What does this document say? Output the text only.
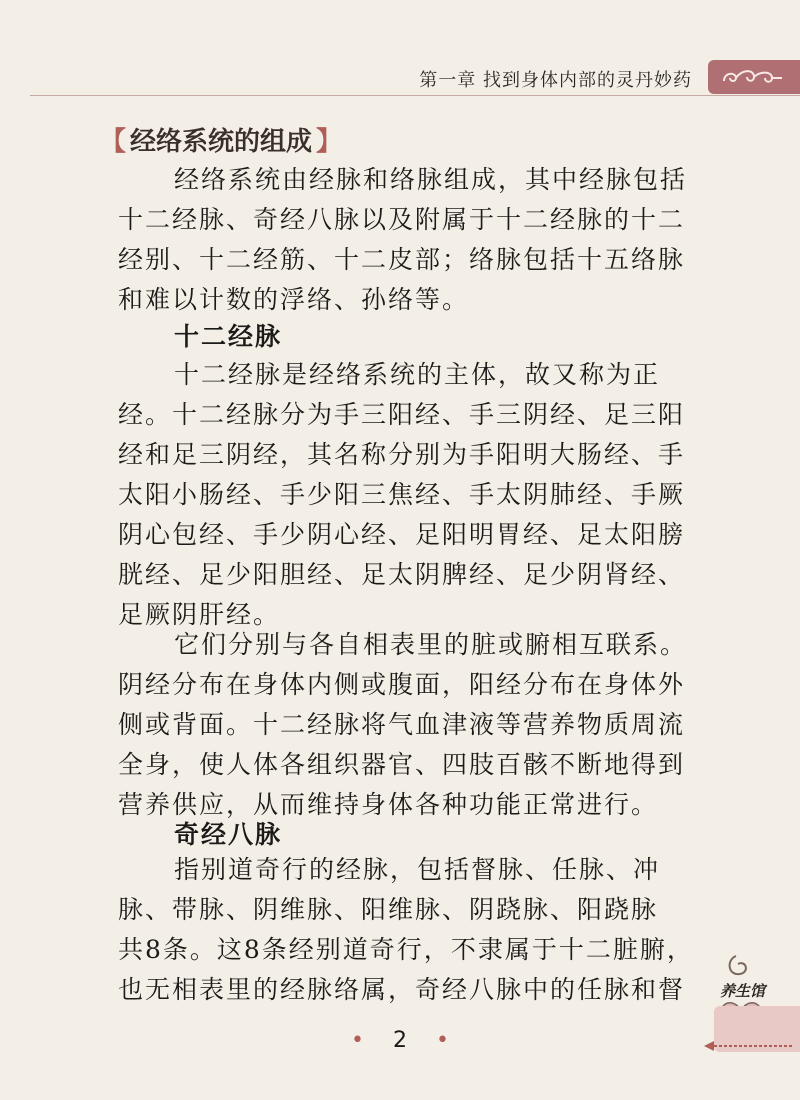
第一章 找到身体内部的灵丹妙药
【 经络系统的组成 】
经络系统由经脉和络脉组成，其中经脉包括
十二经脉、奇经八脉以及附属于十二经脉的十二
经别、十二经筋、十二皮部；络脉包括十五络脉
和难以计数的浮络、孙络等。
十二经脉
十二经脉是经络系统的主体，故又称为正
经。十二经脉分为手三阳经、手三阴经、足三阳
经和足三阴经，其名称分别为手阳明大肠经、手
太阳小肠经、手少阳三焦经、手太阴肺经、手厥
阴心包经、手少阴心经、足阳明胃经、足太阳膀
胱经、足少阳胆经、足太阴脾经、足少阴肾经、
足厥阴肝经。
它们分别与各自相表里的脏或腑相互联系。
阴经分布在身体内侧或腹面，阳经分布在身体外
侧或背面。十二经脉将气血津液等营养物质周流
全身，使人体各组织器官、四肢百骸不断地得到
营养供应，从而维持身体各种功能正常进行。
奇经八脉
指别道奇行的经脉，包括督脉、任脉、冲
脉、带脉、阴维脉、阳维脉、阴跷脉、阳跷脉
共8条。这8条经别道奇行，不隶属于十二脏腑，
也无相表里的经脉络属，奇经八脉中的任脉和督	养生馆
• 2 •
